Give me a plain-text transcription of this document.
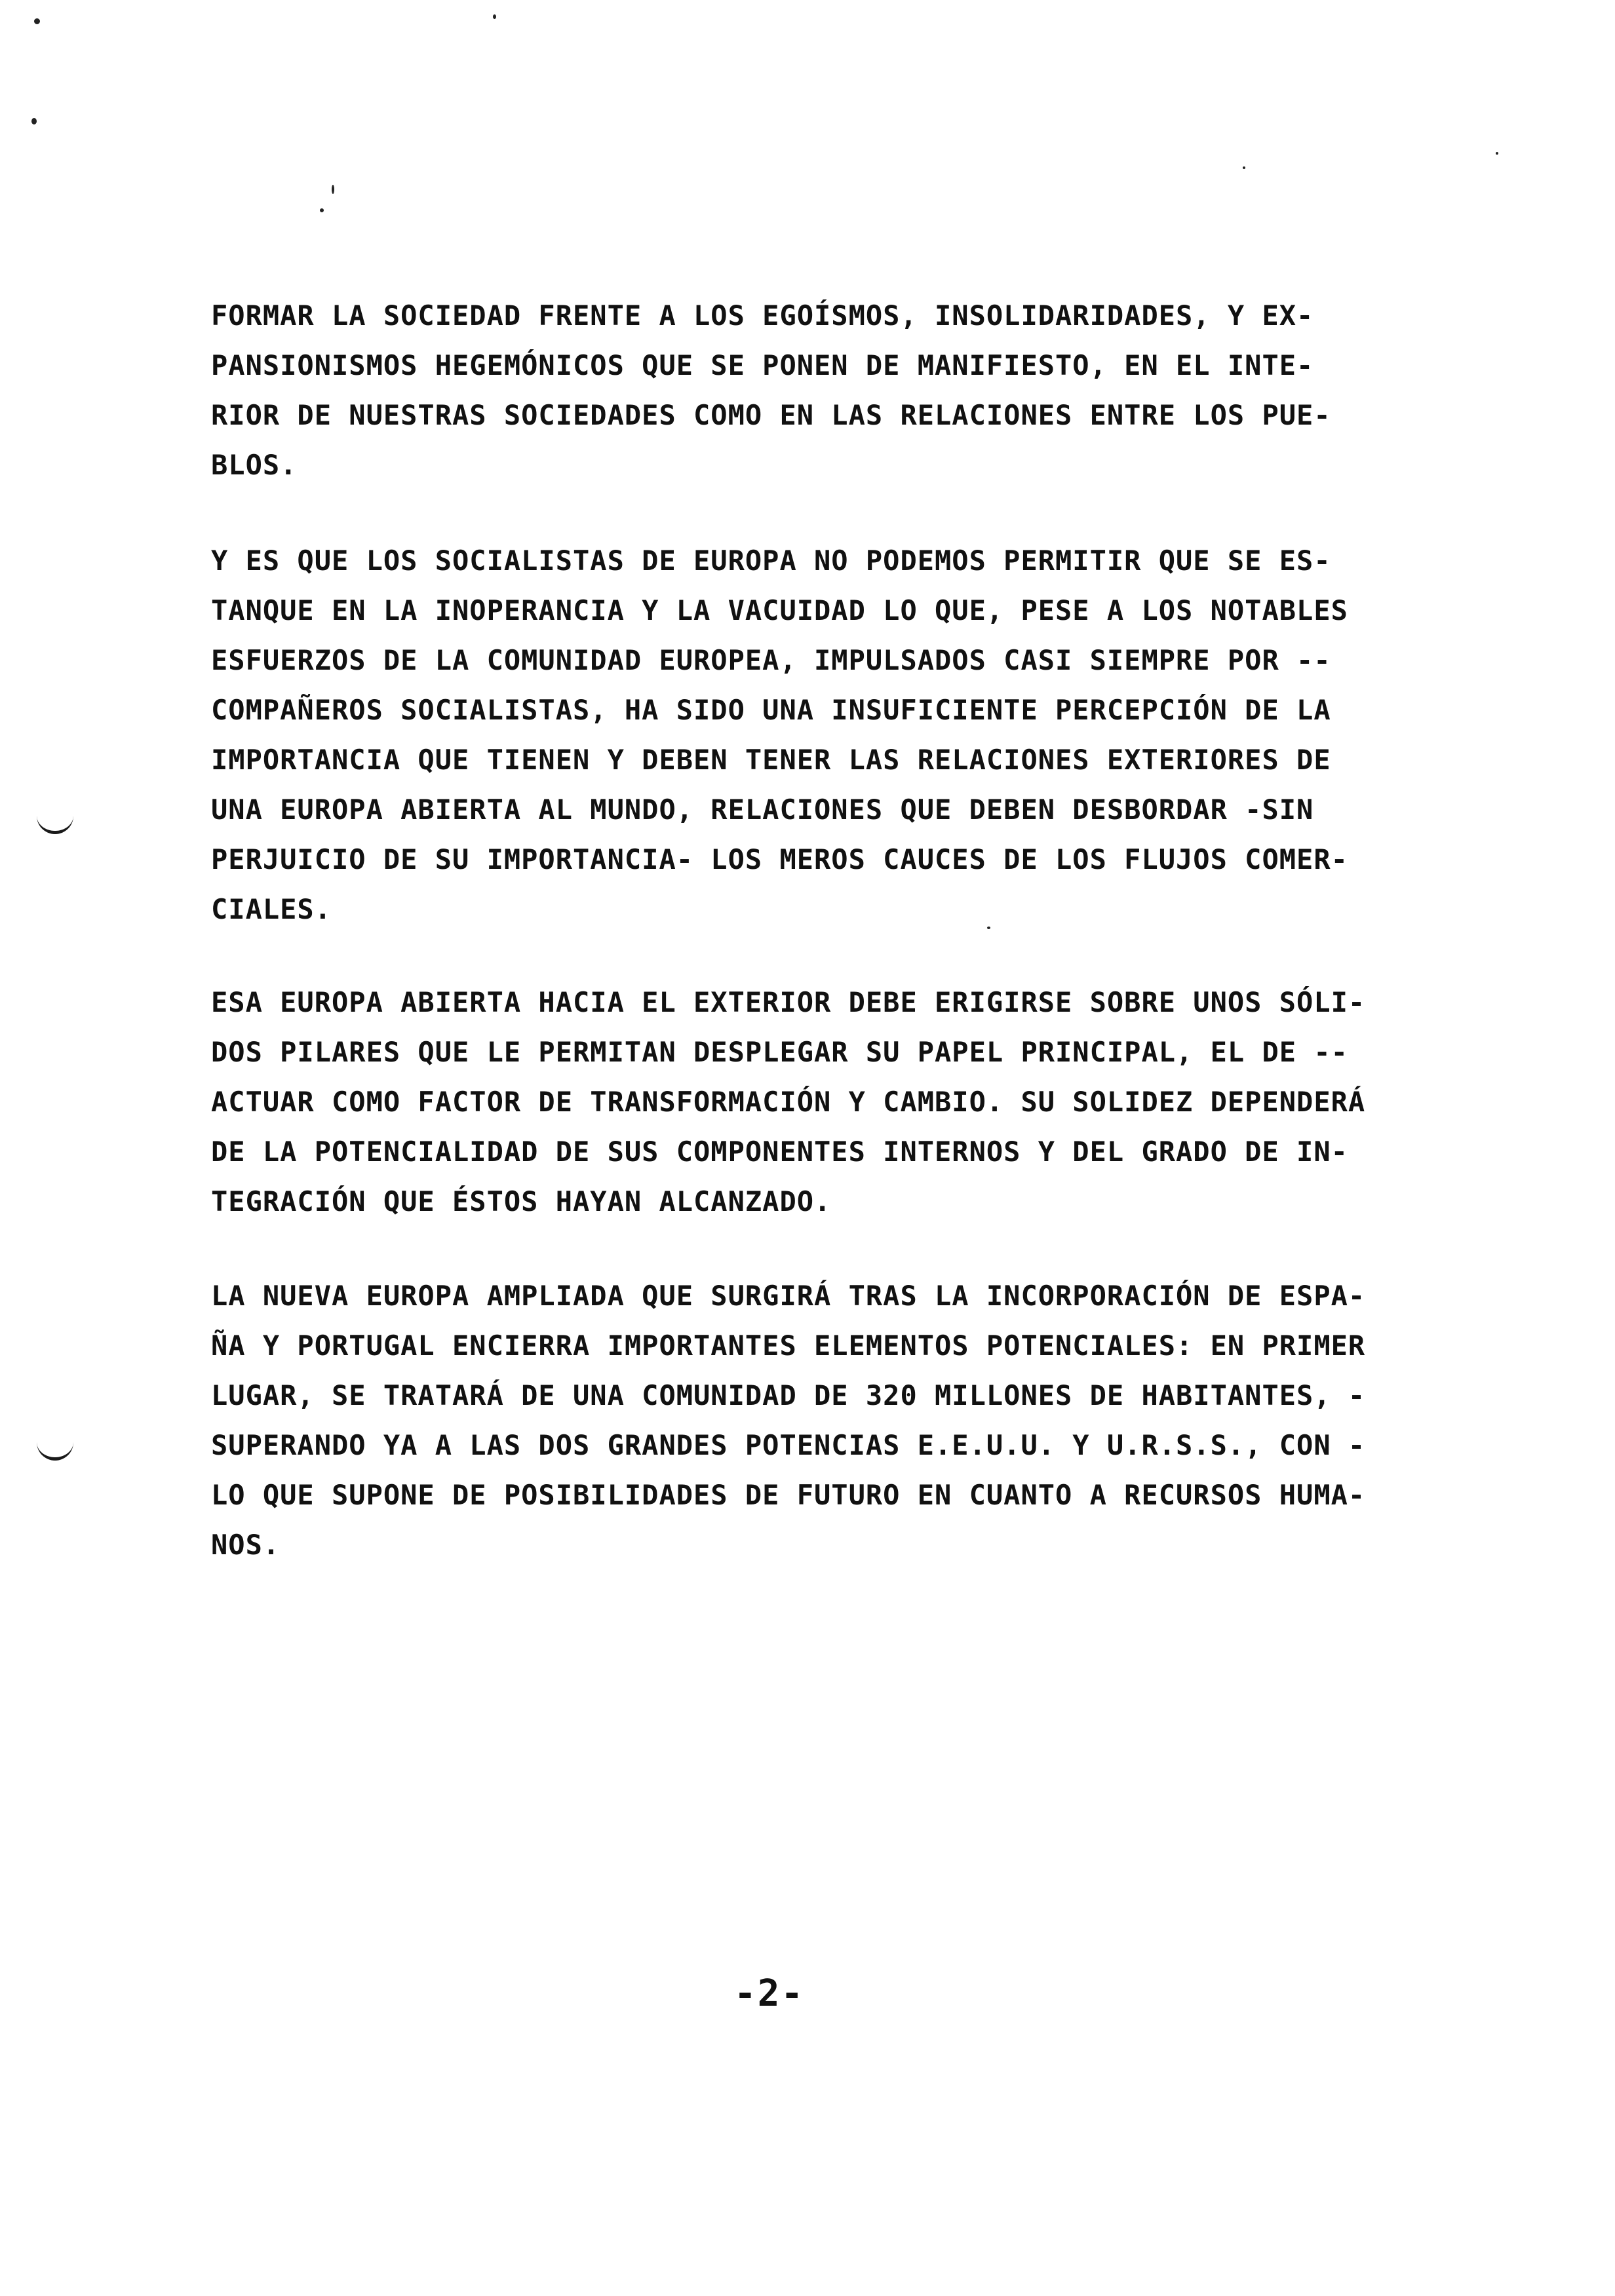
FORMAR LA SOCIEDAD FRENTE A LOS EGOÍSMOS, INSOLIDARIDADES, Y EX-
PANSIONISMOS HEGEMÓNICOS QUE SE PONEN DE MANIFIESTO, EN EL INTE-
RIOR DE NUESTRAS SOCIEDADES COMO EN LAS RELACIONES ENTRE LOS PUE-
BLOS.
Y ES QUE LOS SOCIALISTAS DE EUROPA NO PODEMOS PERMITIR QUE SE ES-
TANQUE EN LA INOPERANCIA Y LA VACUIDAD LO QUE, PESE A LOS NOTABLES
ESFUERZOS DE LA COMUNIDAD EUROPEA, IMPULSADOS CASI SIEMPRE POR --
COMPAÑEROS SOCIALISTAS, HA SIDO UNA INSUFICIENTE PERCEPCIÓN DE LA
IMPORTANCIA QUE TIENEN Y DEBEN TENER LAS RELACIONES EXTERIORES DE
UNA EUROPA ABIERTA AL MUNDO, RELACIONES QUE DEBEN DESBORDAR -SIN
PERJUICIO DE SU IMPORTANCIA- LOS MEROS CAUCES DE LOS FLUJOS COMER-
CIALES.
ESA EUROPA ABIERTA HACIA EL EXTERIOR DEBE ERIGIRSE SOBRE UNOS SÓLI-
DOS PILARES QUE LE PERMITAN DESPLEGAR SU PAPEL PRINCIPAL, EL DE --
ACTUAR COMO FACTOR DE TRANSFORMACIÓN Y CAMBIO. SU SOLIDEZ DEPENDERÁ
DE LA POTENCIALIDAD DE SUS COMPONENTES INTERNOS Y DEL GRADO DE IN-
TEGRACIÓN QUE ÉSTOS HAYAN ALCANZADO.
LA NUEVA EUROPA AMPLIADA QUE SURGIRÁ TRAS LA INCORPORACIÓN DE ESPA-
ÑA Y PORTUGAL ENCIERRA IMPORTANTES ELEMENTOS POTENCIALES: EN PRIMER
LUGAR, SE TRATARÁ DE UNA COMUNIDAD DE 320 MILLONES DE HABITANTES, -
SUPERANDO YA A LAS DOS GRANDES POTENCIAS E.E.U.U. Y U.R.S.S., CON -
LO QUE SUPONE DE POSIBILIDADES DE FUTURO EN CUANTO A RECURSOS HUMA-
NOS.
-2-
